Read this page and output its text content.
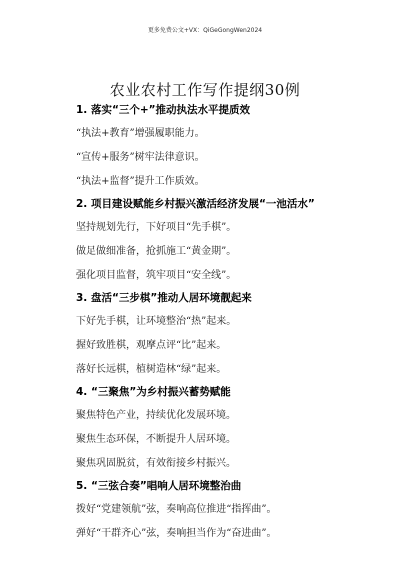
更多免费公文+VX：QiGeGongWen2024
农业农村工作写作提纲30例
1. 落实“三个+”推动执法水平提质效
“执法+教育”增强履职能力。
“宣传+服务”树牢法律意识。
“执法+监督”提升工作质效。
2. 项目建设赋能乡村振兴激活经济发展“一池活水”
坚持规划先行，下好项目“先手棋”。
做足做细准备，抢抓施工“黄金期”。
强化项目监督，筑牢项目“安全线”。
3. 盘活“三步棋”推动人居环境靓起来
下好先手棋，让环境整治“热”起来。
握好致胜棋，观摩点评“比”起来。
落好长远棋，植树造林“绿”起来。
4. “三聚焦”为乡村振兴蓄势赋能
聚焦特色产业，持续优化发展环境。
聚焦生态环保，不断提升人居环境。
聚焦巩固脱贫，有效衔接乡村振兴。
5. “三弦合奏”唱响人居环境整治曲
拨好“党建领航”弦，奏响高位推进“指挥曲”。
弹好“干群齐心”弦，奏响担当作为“奋进曲”。
